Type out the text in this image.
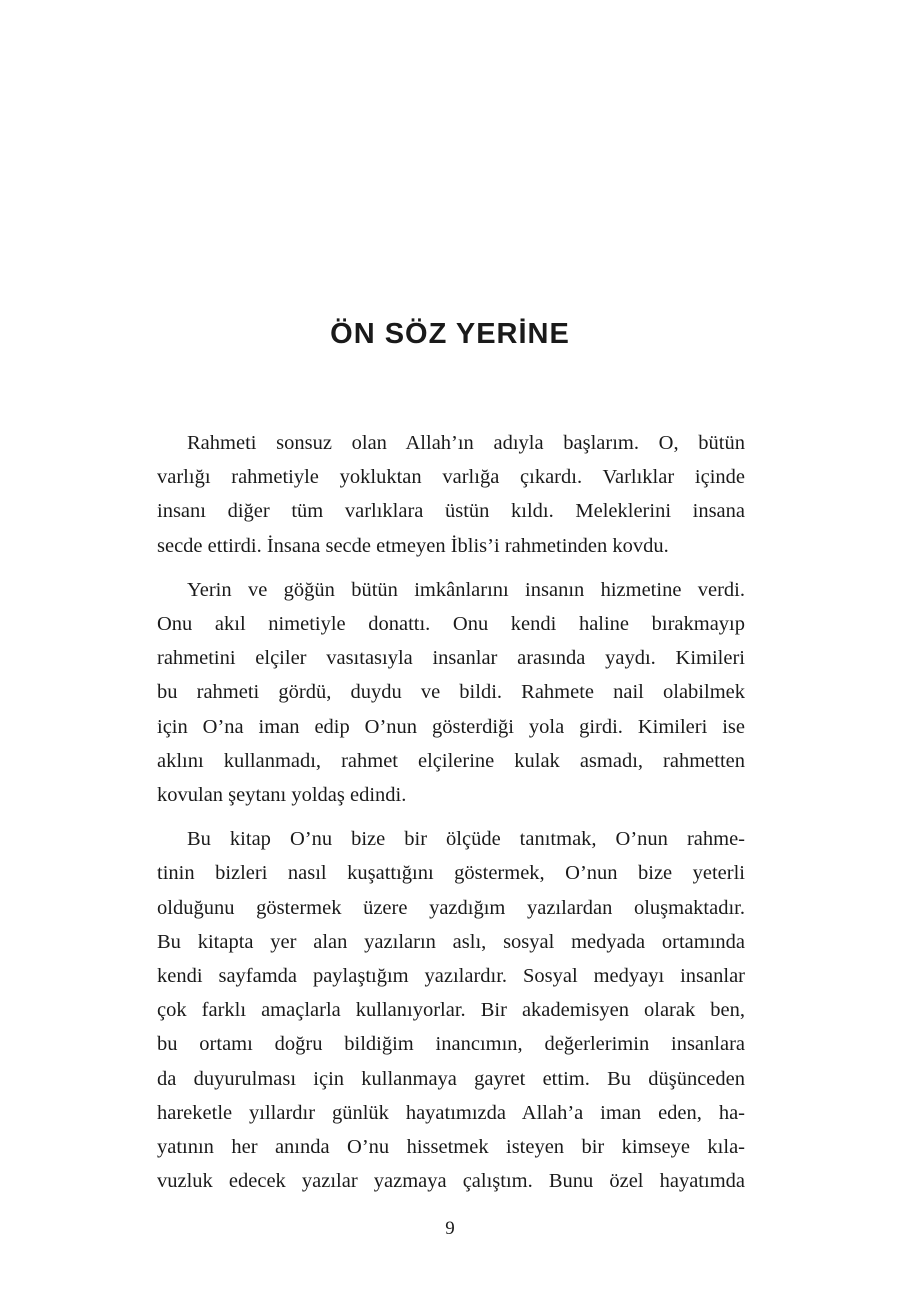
ÖN SÖZ YERİNE

Rahmeti sonsuz olan Allah’ın adıyla başlarım. O, bütün
varlığı rahmetiyle yokluktan varlığa çıkardı. Varlıklar içinde
insanı diğer tüm varlıklara üstün kıldı. Meleklerini insana
secde ettirdi. İnsana secde etmeyen İblis’i rahmetinden kovdu.

Yerin ve göğün bütün imkânlarını insanın hizmetine verdi.
Onu akıl nimetiyle donattı. Onu kendi haline bırakmayıp
rahmetini elçiler vasıtasıyla insanlar arasında yaydı. Kimileri
bu rahmeti gördü, duydu ve bildi. Rahmete nail olabilmek
için O’na iman edip O’nun gösterdiği yola girdi. Kimileri ise
aklını kullanmadı, rahmet elçilerine kulak asmadı, rahmetten
kovulan şeytanı yoldaş edindi.

Bu kitap O’nu bize bir ölçüde tanıtmak, O’nun rahme-
tinin bizleri nasıl kuşattığını göstermek, O’nun bize yeterli
olduğunu göstermek üzere yazdığım yazılardan oluşmaktadır.
Bu kitapta yer alan yazıların aslı, sosyal medyada ortamında
kendi sayfamda paylaştığım yazılardır. Sosyal medyayı insanlar
çok farklı amaçlarla kullanıyorlar. Bir akademisyen olarak ben,
bu ortamı doğru bildiğim inancımın, değerlerimin insanlara
da duyurulması için kullanmaya gayret ettim. Bu düşünceden
hareketle yıllardır günlük hayatımızda Allah’a iman eden, ha-
yatının her anında O’nu hissetmek isteyen bir kimseye kıla-
vuzluk edecek yazılar yazmaya çalıştım. Bunu özel hayatımda

9
